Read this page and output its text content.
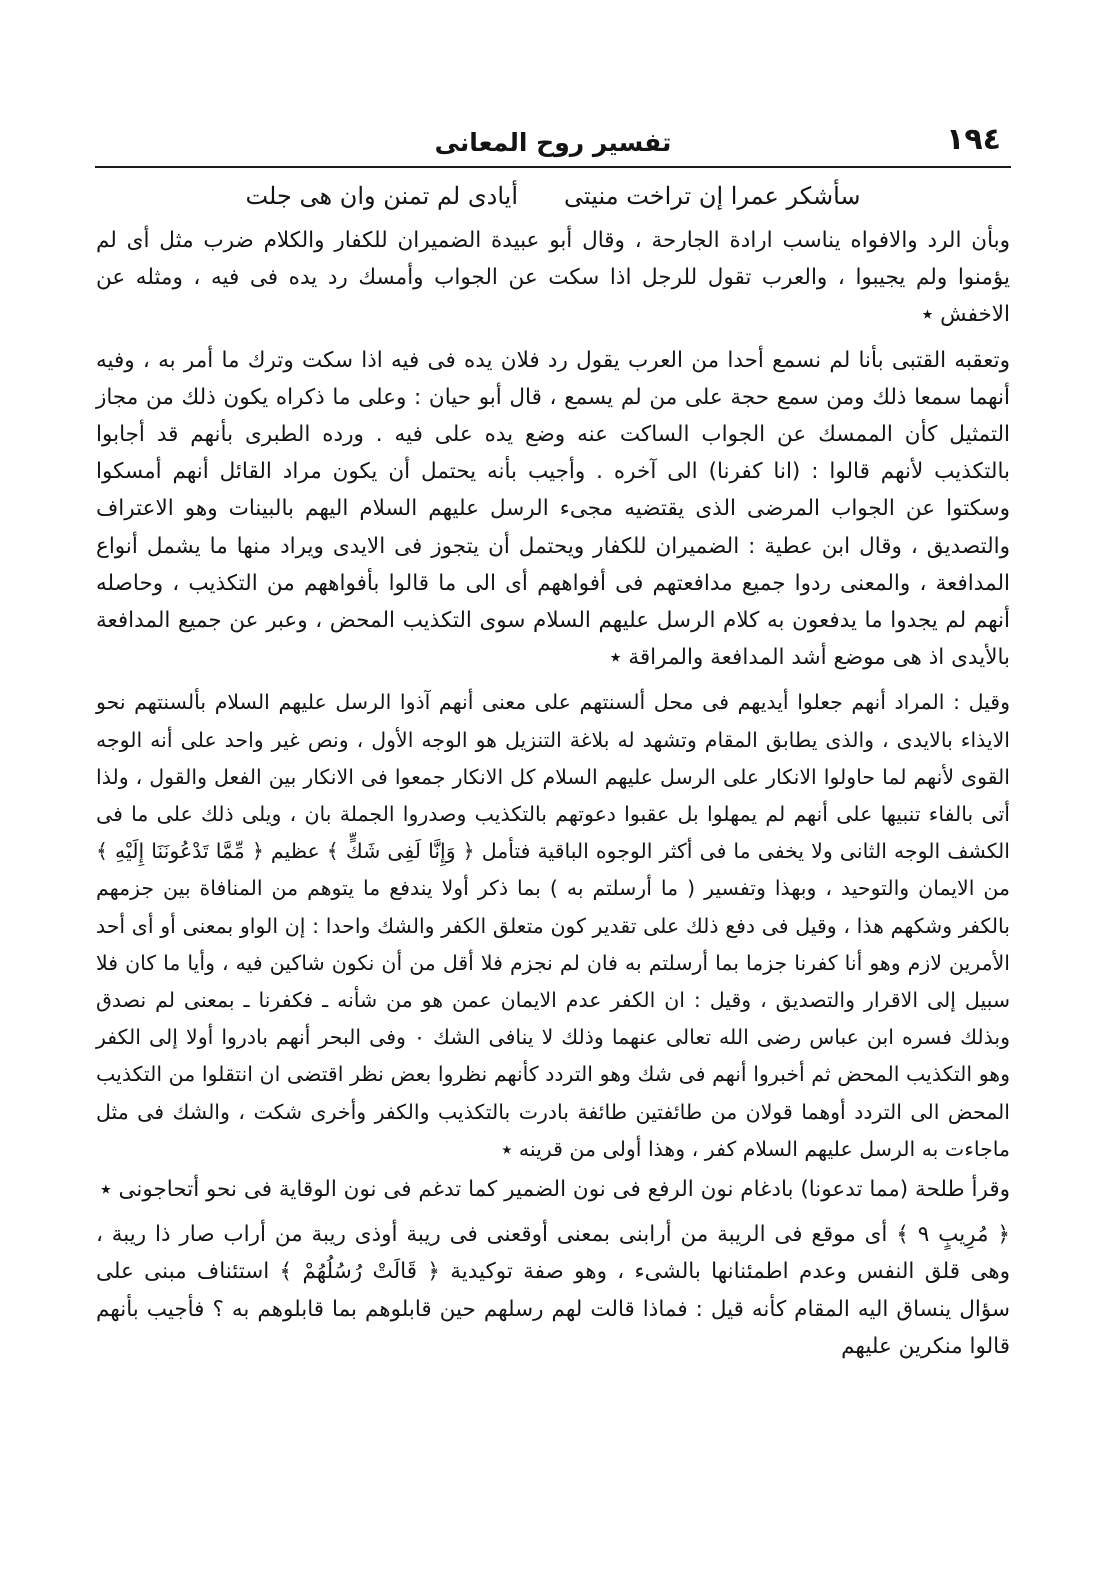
١٩٤
تفسير روح المعانى
سأشكر عمرا إن تراخت منيتى
أيادى لم تمنن وان هى جلت

وبأن الرد والافواه يناسب ارادة الجارحة ، وقال أبو عبيدة الضميران للكفار والكلام ضرب مثل أى لم يؤمنوا ولم يجيبوا ، والعرب تقول للرجل اذا سكت عن الجواب وأمسك رد يده فى فيه ، ومثله عن الاخفش ٭

وتعقبه القتبى بأنا لم نسمع أحدا من العرب يقول رد فلان يده فى فيه اذا سكت وترك ما أمر به ، وفيه أنهما سمعا ذلك ومن سمع حجة على من لم يسمع ، قال أبو حيان : وعلى ما ذكراه يكون ذلك من مجاز التمثيل كأن الممسك عن الجواب الساكت عنه وضع يده على فيه . ورده الطبرى بأنهم قد أجابوا بالتكذيب لأنهم قالوا : (انا كفرنا) الى آخره . وأجيب بأنه يحتمل أن يكون مراد القائل أنهم أمسكوا وسكتوا عن الجواب المرضى الذى يقتضيه مجىء الرسل عليهم السلام اليهم بالبينات وهو الاعتراف والتصديق ، وقال ابن عطية : الضميران للكفار ويحتمل أن يتجوز فى الايدى ويراد منها ما يشمل أنواع المدافعة ، والمعنى ردوا جميع مدافعتهم فى أفواههم أى الى ما قالوا بأفواههم من التكذيب ، وحاصله أنهم لم يجدوا ما يدفعون به كلام الرسل عليهم السلام سوى التكذيب المحض ، وعبر عن جميع المدافعة بالأيدى اذ هى موضع أشد المدافعة والمراقة ٭

وقيل : المراد أنهم جعلوا أيديهم فى محل ألسنتهم على معنى أنهم آذوا الرسل عليهم السلام بألسنتهم نحو الايذاء بالايدى ، والذى يطابق المقام وتشهد له بلاغة التنزيل هو الوجه الأول ، ونص غير واحد على أنه الوجه القوى لأنهم لما حاولوا الانكار على الرسل عليهم السلام كل الانكار جمعوا فى الانكار بين الفعل والقول ، ولذا أتى بالفاء تنبيها على أنهم لم يمهلوا بل عقبوا دعوتهم بالتكذيب وصدروا الجملة بان ، ويلى ذلك على ما فى الكشف الوجه الثانى ولا يخفى ما فى أكثر الوجوه الباقية فتأمل ﴿ وَإِنَّا لَفِى شَكٍّ ﴾ عظيم ﴿ مِّمَّا تَدْعُونَنَا إِلَيْهِ ﴾ من الايمان والتوحيد ، وبهذا وتفسير ( ما أرسلتم به ) بما ذكر أولا يندفع ما يتوهم من المنافاة بين جزمهم بالكفر وشكهم هذا ، وقيل فى دفع ذلك على تقدير كون متعلق الكفر والشك واحدا : إن الواو بمعنى أو أى أحد الأمرين لازم وهو أنا كفرنا جزما بما أرسلتم به فان لم نجزم فلا أقل من أن نكون شاكين فيه ، وأيا ما كان فلا سبيل إلى الاقرار والتصديق ، وقيل : ان الكفر عدم الايمان عمن هو من شأنه ـ فكفرنا ـ بمعنى لم نصدق وبذلك فسره ابن عباس رضى الله تعالى عنهما وذلك لا ينافى الشك ٠ وفى البحر أنهم بادروا أولا إلى الكفر وهو التكذيب المحض ثم أخبروا أنهم فى شك وهو التردد كأنهم نظروا بعض نظر اقتضى ان انتقلوا من التكذيب المحض الى التردد أوهما قولان من طائفتين طائفة بادرت بالتكذيب والكفر وأخرى شكت ، والشك فى مثل ماجاءت به الرسل عليهم السلام كفر ، وهذا أولى من قرينه ٭

وقرأ طلحة (مما تدعونا) بادغام نون الرفع فى نون الضمير كما تدغم فى نون الوقاية فى نحو أتحاجونى ٭

﴿ مُرِيبٍ ٩ ﴾ أى موقع فى الريبة من أرابنى بمعنى أوقعنى فى ريبة أوذى ريبة من أراب صار ذا ريبة ، وهى قلق النفس وعدم اطمئنانها بالشىء ، وهو صفة توكيدية ﴿ قَالَتْ رُسُلُهُمْ ﴾ استئناف مبنى على سؤال ينساق اليه المقام كأنه قيل : فماذا قالت لهم رسلهم حين قابلوهم بما قابلوهم به ؟ فأجيب بأنهم قالوا منكرين عليهم
